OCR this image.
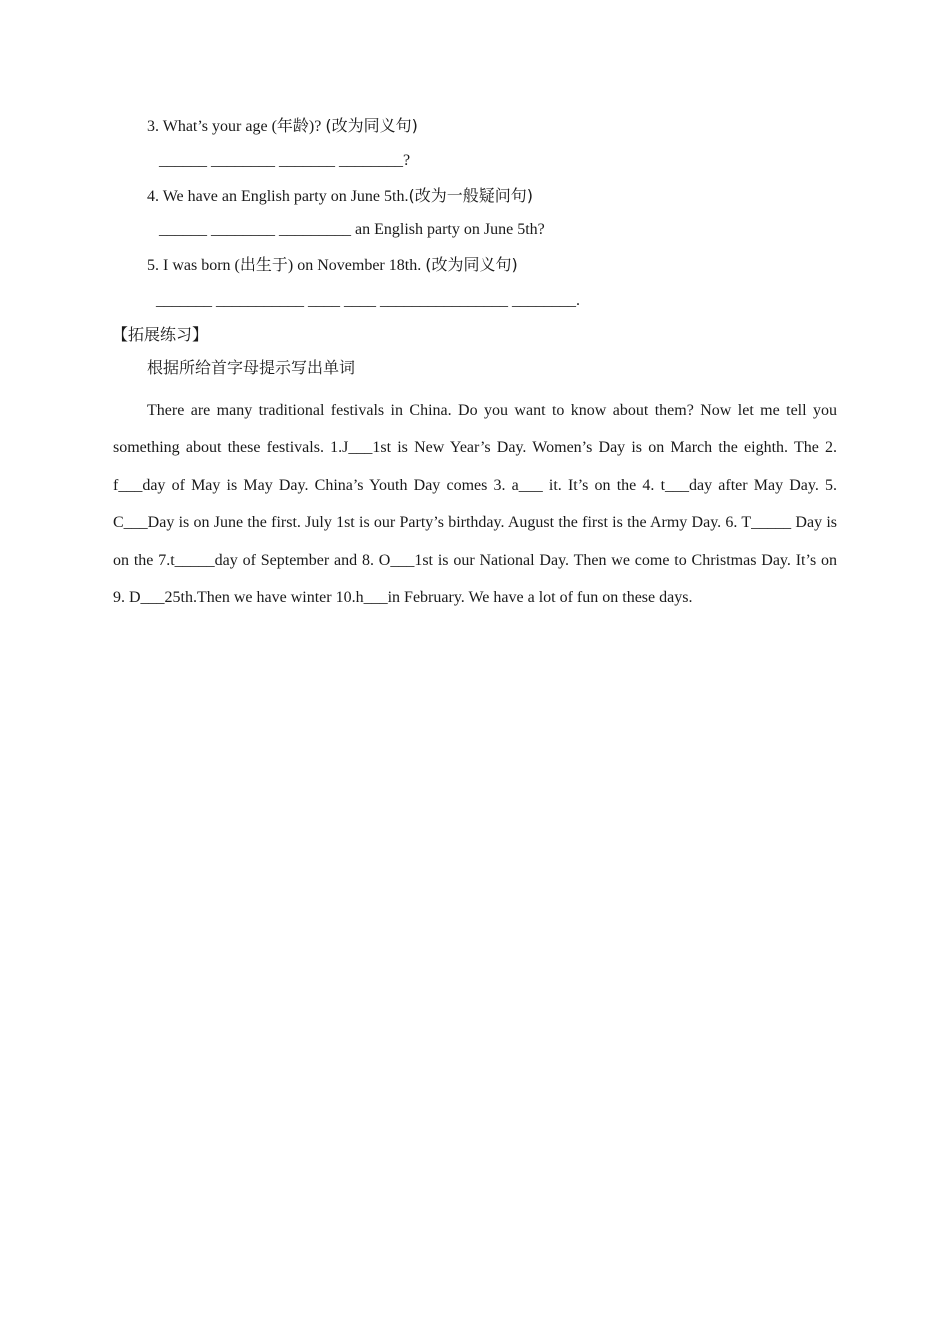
3. What’s your age (年龄)? (改为同义句)
______ ________ _______ ________?
4. We have an English party on June 5th.(改为一般疑问句)
______ ________ _________ an English party on June 5th?
5. I was born (出生于) on November 18th. (改为同义句)
_______ ___________ ____ ____ ________________ ________.
【拓展练习】
根据所给首字母提示写出单词
There are many traditional festivals in China. Do you want to know about them? Now let me tell you something about these festivals. 1.J___1st is New Year’s Day. Women’s Day is on March the eighth. The 2. f___day of May is May Day. China’s Youth Day comes 3. a___ it. It’s on the 4. t___day after May Day. 5. C___Day is on June the first. July 1st is our Party’s birthday. August the first is the Army Day. 6. T_____ Day is on the 7.t_____day of September and 8. O___1st is our National Day. Then we come to Christmas Day. It’s on 9. D___25th.Then we have winter 10.h___in February. We have a lot of fun on these days.
